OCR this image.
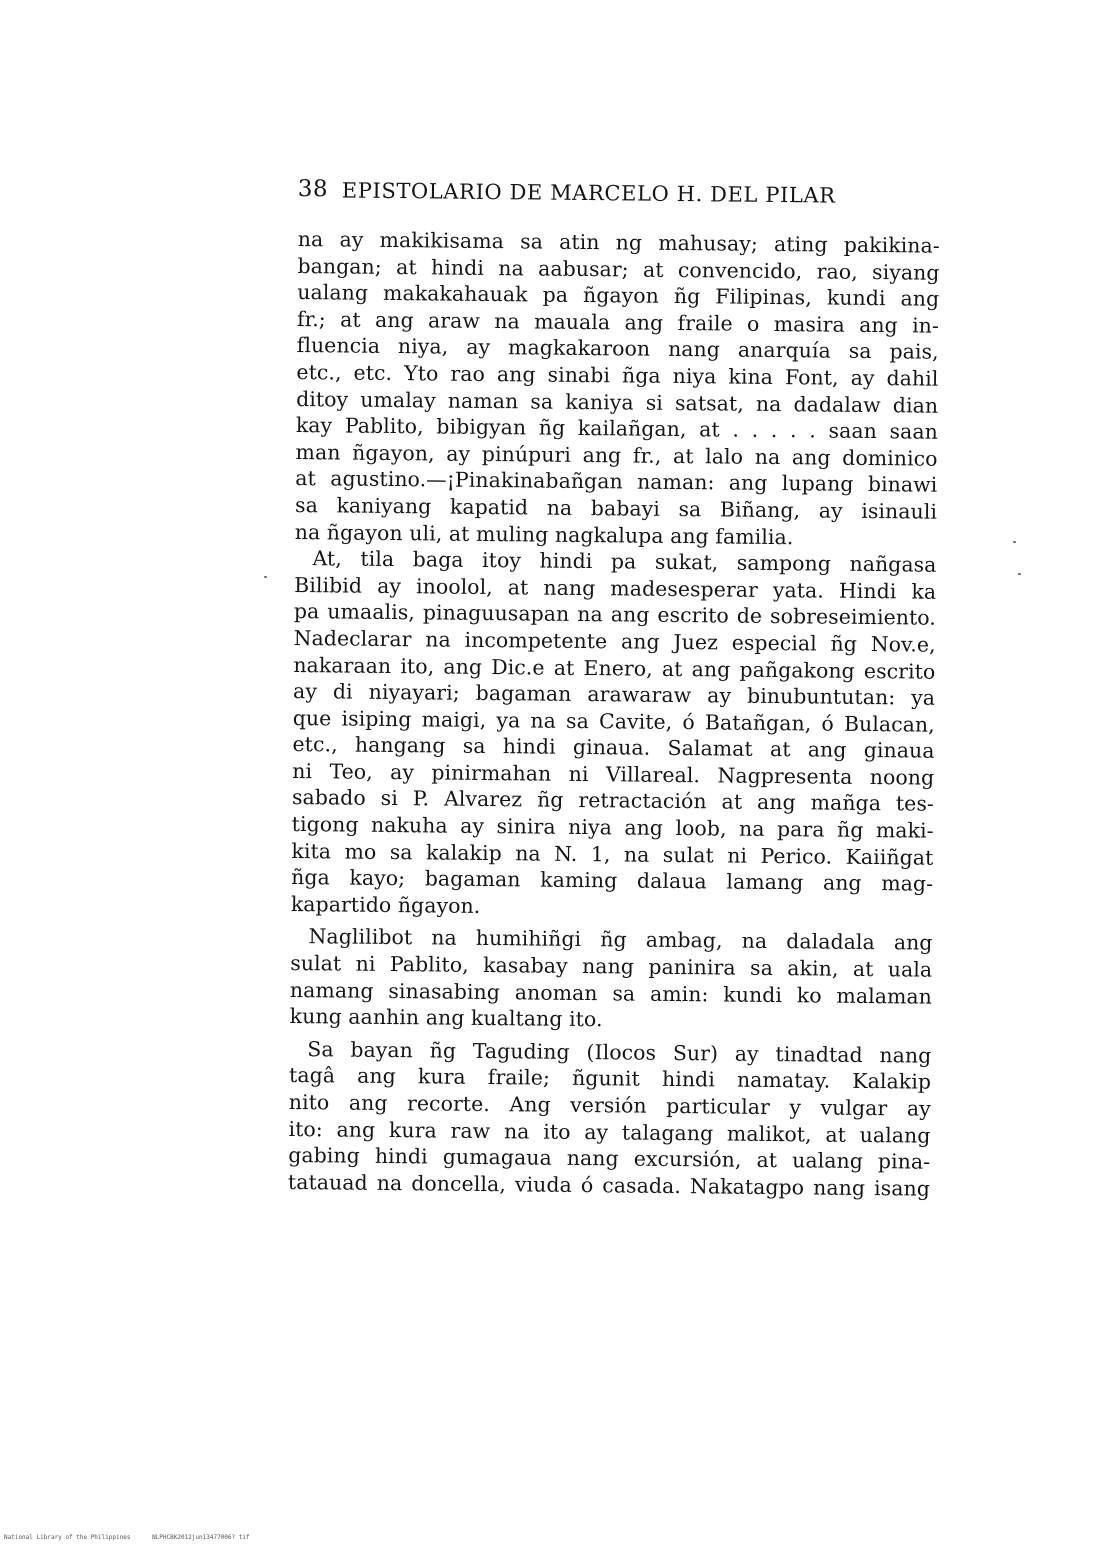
38 EPISTOLARIO DE MARCELO H. DEL PILAR
na ay makikisama sa atin ng mahusay; ating pakikina-
bangan; at hindi na aabusar; at convencido, rao, siyang
ualang makakahauak pa ñgayon ñg Filipinas, kundi ang
fr.; at ang araw na mauala ang fraile o masira ang in-
fluencia niya, ay magkakaroon nang anarquía sa pais,
etc., etc. Yto rao ang sinabi ñga niya kina Font, ay dahil
ditoy umalay naman sa kaniya si satsat, na dadalaw dian
kay Pablito, bibigyan ñg kailañgan, at . . . . . saan saan
man ñgayon, ay pinúpuri ang fr., at lalo na ang dominico
at agustino.—¡Pinakinabañgan naman: ang lupang binawi
sa kaniyang kapatid na babayi sa Biñang, ay isinauli
na ñgayon uli, at muling nagkalupa ang familia.
At, tila baga itoy hindi pa sukat, sampong nañgasa
Bilibid ay inoolol, at nang madesesperar yata. Hindi ka
pa umaalis, pinaguusapan na ang escrito de sobreseimiento.
Nadeclarar na incompetente ang Juez especial ñg Nov.e,
nakaraan ito, ang Dic.e at Enero, at ang pañgakong escrito
ay di niyayari; bagaman arawaraw ay binubuntutan: ya
que isiping maigi, ya na sa Cavite, ó Batañgan, ó Bulacan,
etc., hangang sa hindi ginaua. Salamat at ang ginaua
ni Teo, ay pinirmahan ni Villareal. Nagpresenta noong
sabado si P. Alvarez ñg retractación at ang mañga tes-
tigong nakuha ay sinira niya ang loob, na para ñg maki-
kita mo sa kalakip na N. 1, na sulat ni Perico. Kaiiñgat
ñga kayo; bagaman kaming dalaua lamang ang mag-
kapartido ñgayon.
Naglilibot na humihiñgi ñg ambag, na daladala ang
sulat ni Pablito, kasabay nang paninira sa akin, at uala
namang sinasabing anoman sa amin: kundi ko malaman
kung aanhin ang kualtang ito.
Sa bayan ñg Taguding (Ilocos Sur) ay tinadtad nang
tagâ ang kura fraile; ñgunit hindi namatay. Kalakip
nito ang recorte. Ang versión particular y vulgar ay
ito: ang kura raw na ito ay talagang malikot, at ualang
gabing hindi gumagaua nang excursión, at ualang pina-
tatauad na doncella, viuda ó casada. Nakatagpo nang isang
National Library of the Philippines	NLPHCBK2012jun13477006? tif
